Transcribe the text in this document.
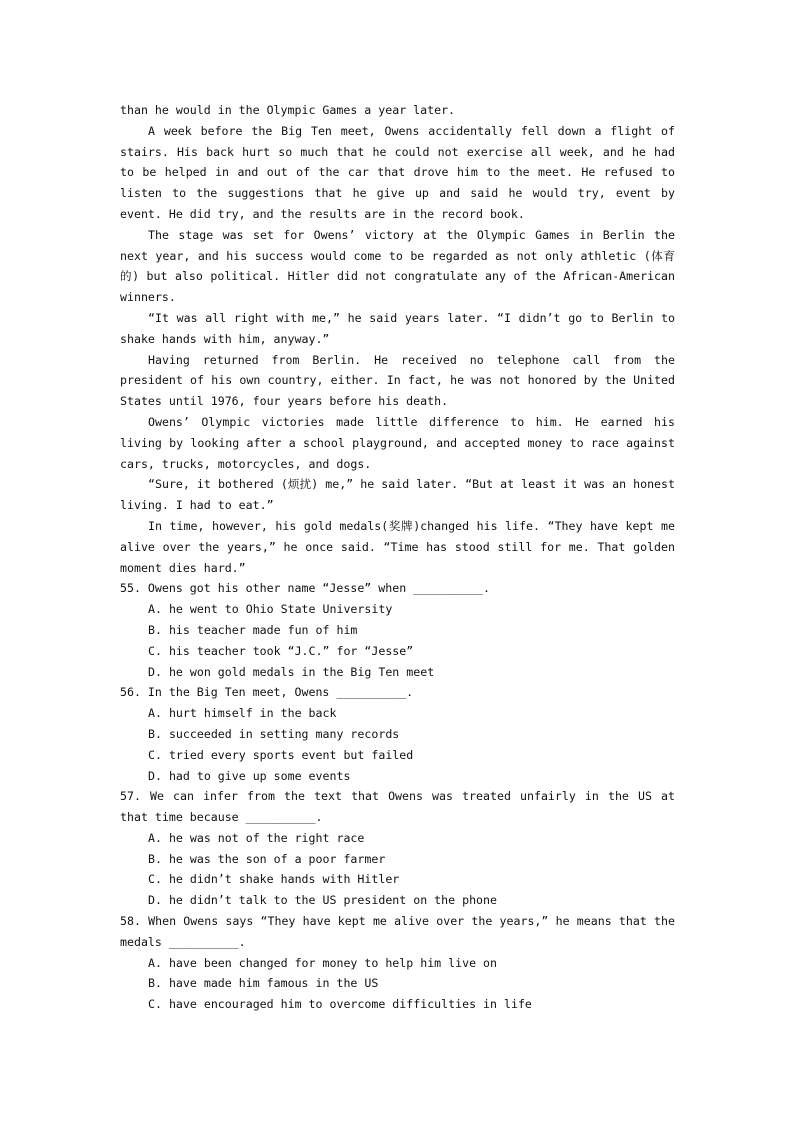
than he would in the Olympic Games a year later.

A week before the Big Ten meet, Owens accidentally fell down a flight of stairs. His back hurt so much that he could not exercise all week, and he had to be helped in and out of the car that drove him to the meet. He refused to listen to the suggestions that he give up and said he would try, event by event. He did try, and the results are in the record book.

The stage was set for Owens’ victory at the Olympic Games in Berlin the next year, and his success would come to be regarded as not only athletic (体育的) but also political. Hitler did not congratulate any of the African-American winners.

“It was all right with me,” he said years later. “I didn’t go to Berlin to shake hands with him, anyway.”

Having returned from Berlin. He received no telephone call from the president of his own country, either. In fact, he was not honored by the United States until 1976, four years before his death.

Owens’ Olympic victories made little difference to him. He earned his living by looking after a school playground, and accepted money to race against cars, trucks, motorcycles, and dogs.

“Sure, it bothered (烦扰) me,” he said later. “But at least it was an honest living. I had to eat.”

In time, however, his gold medals(奖牌)changed his life. “They have kept me alive over the years,” he once said. “Time has stood still for me. That golden moment dies hard.”

55. Owens got his other name “Jesse” when __________.

A. he went to Ohio State University

B. his teacher made fun of him

C. his teacher took “J.C.” for “Jesse”

D. he won gold medals in the Big Ten meet

56. In the Big Ten meet, Owens __________.

A. hurt himself in the back

B. succeeded in setting many records

C. tried every sports event but failed

D. had to give up some events

57. We can infer from the text that Owens was treated unfairly in the US at that time because __________.

A. he was not of the right race

B. he was the son of a poor farmer

C. he didn’t shake hands with Hitler

D. he didn’t talk to the US president on the phone

58. When Owens says “They have kept me alive over the years,” he means that the medals __________.

A. have been changed for money to help him live on

B. have made him famous in the US

C. have encouraged him to overcome difficulties in life
